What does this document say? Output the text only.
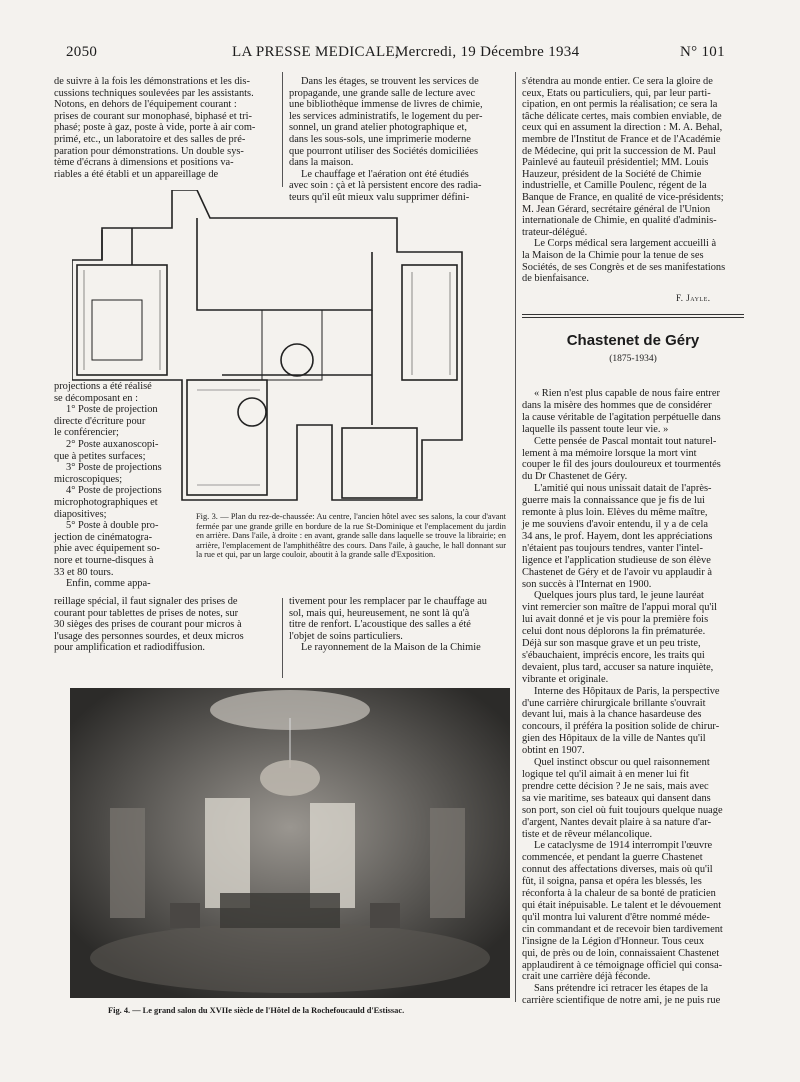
2050	LA PRESSE MEDICALE,
Mercredi, 19 Décembre 1934	N° 101

de suivre à la fois les démonstrations et les dis-

cussions techniques soulevées par les assistants.

Notons, en dehors de l'équipement courant :

prises de courant sur monophasé, biphasé et tri-

phasé; poste à gaz, poste à vide, porte à air com-

primé, etc., un laboratoire et des salles de pré-

paration pour démonstrations. Un double sys-

tème d'écrans à dimensions et positions va-

riables a été établi et un appareillage de

Dans les étages, se trouvent les services de

propagande, une grande salle de lecture avec

une bibliothèque immense de livres de chimie,

les services administratifs, le logement du per-

sonnel, un grand atelier photographique et,

dans les sous-sols, une imprimerie moderne

que pourront utiliser des Sociétés domiciliées

dans la maison.

Le chauffage et l'aération ont été étudiés

avec soin : çà et là persistent encore des radia-

teurs qu'il eût mieux valu supprimer défini-

projections a été réalisé

se décomposant en :

1° Poste de projection

directe d'écriture pour

le conférencier;

2° Poste auxanoscopi-

que à petites surfaces;

3° Poste de projections

microscopiques;

4° Poste de projections

microphotographiques et

diapositives;

5° Poste à double pro-

jection de cinématogra-

phie avec équipement so-

nore et tourne-disques à

33 et 80 tours.

Enfin, comme appa-

Fig. 3. — Plan du rez-de-chaussée: Au centre, l'ancien hôtel avec ses salons, la cour d'avant fermée par une grande grille en bordure de la rue St-Dominique et l'emplacement du jardin en arrière. Dans l'aile, à droite : en avant, grande salle dans laquelle se trouve la librairie; en arrière, l'emplacement de l'amphithéâtre des cours. Dans l'aile, à gauche, le hall donnant sur la rue et qui, par un large couloir, aboutit à la grande salle d'Exposition.

reillage spécial, il faut signaler des prises de

courant pour tablettes de prises de notes, sur

30 sièges des prises de courant pour micros à

l'usage des personnes sourdes, et deux micros

pour amplification et radiodiffusion.

tivement pour les remplacer par le chauffage au

sol, mais qui, heureusement, ne sont là qu'à

titre de renfort. L'acoustique des salles a été

l'objet de soins particuliers.

Le rayonnement de la Maison de la Chimie

Fig. 4. — Le grand salon du XVIIe siècle de l'Hôtel de la Rochefoucauld d'Estissac.

s'étendra au monde entier. Ce sera la gloire de

ceux, Etats ou particuliers, qui, par leur parti-

cipation, en ont permis la réalisation; ce sera la

tâche délicate certes, mais combien enviable, de

ceux qui en assument la direction : M. A. Behal,

membre de l'Institut de France et de l'Académie

de Médecine, qui prit la succession de M. Paul

Painlevé au fauteuil présidentiel; MM. Louis

Hauzeur, président de la Société de Chimie

industrielle, et Camille Poulenc, régent de la

Banque de France, en qualité de vice-présidents;

M. Jean Gérard, secrétaire général de l'Union

internationale de Chimie, en qualité d'adminis-

trateur-délégué.

Le Corps médical sera largement accueilli à

la Maison de la Chimie pour la tenue de ses

Sociétés, de ses Congrès et de ses manifestations

de bienfaisance.

F. Jayle.
Chastenet de Géry
(1875-1934)

« Rien n'est plus capable de nous faire entrer

dans la misère des hommes que de considérer

la cause véritable de l'agitation perpétuelle dans

laquelle ils passent toute leur vie. »

Cette pensée de Pascal montait tout naturel-

lement à ma mémoire lorsque la mort vint

couper le fil des jours douloureux et tourmentés

du Dr Chastenet de Géry.

L'amitié qui nous unissait datait de l'après-

guerre mais la connaissance que je fis de lui

remonte à plus loin. Elèves du même maître,

je me souviens d'avoir entendu, il y a de cela

34 ans, le prof. Hayem, dont les appréciations

n'étaient pas toujours tendres, vanter l'intel-

ligence et l'application studieuse de son élève

Chastenet de Géry et de l'avoir vu applaudir à

son succès à l'Internat en 1900.

Quelques jours plus tard, le jeune lauréat

vint remercier son maître de l'appui moral qu'il

lui avait donné et je vis pour la première fois

celui dont nous déplorons la fin prématurée.

Déjà sur son masque grave et un peu triste,

s'ébauchaient, imprécis encore, les traits qui

devaient, plus tard, accuser sa nature inquiète,

vibrante et originale.

Interne des Hôpitaux de Paris, la perspective

d'une carrière chirurgicale brillante s'ouvrait

devant lui, mais à la chance hasardeuse des

concours, il préféra la position solide de chirur-

gien des Hôpitaux de la ville de Nantes qu'il

obtint en 1907.

Quel instinct obscur ou quel raisonnement

logique tel qu'il aimait à en mener lui fit

prendre cette décision ? Je ne sais, mais avec

sa vie maritime, ses bateaux qui dansent dans

son port, son ciel où fuit toujours quelque nuage

d'argent, Nantes devait plaire à sa nature d'ar-

tiste et de rêveur mélancolique.

Le cataclysme de 1914 interrompit l'œuvre

commencée, et pendant la guerre Chastenet

connut des affectations diverses, mais où qu'il

fût, il soigna, pansa et opéra les blessés, les

réconforta à la chaleur de sa bonté de praticien

qui était inépuisable. Le talent et le dévouement

qu'il montra lui valurent d'être nommé méde-

cin commandant et de recevoir bien tardivement

l'insigne de la Légion d'Honneur. Tous ceux

qui, de près ou de loin, connaissaient Chastenet

applaudirent à ce témoignage officiel qui consa-

crait une carrière déjà féconde.

Sans prétendre ici retracer les étapes de la

carrière scientifique de notre ami, je ne puis rue
